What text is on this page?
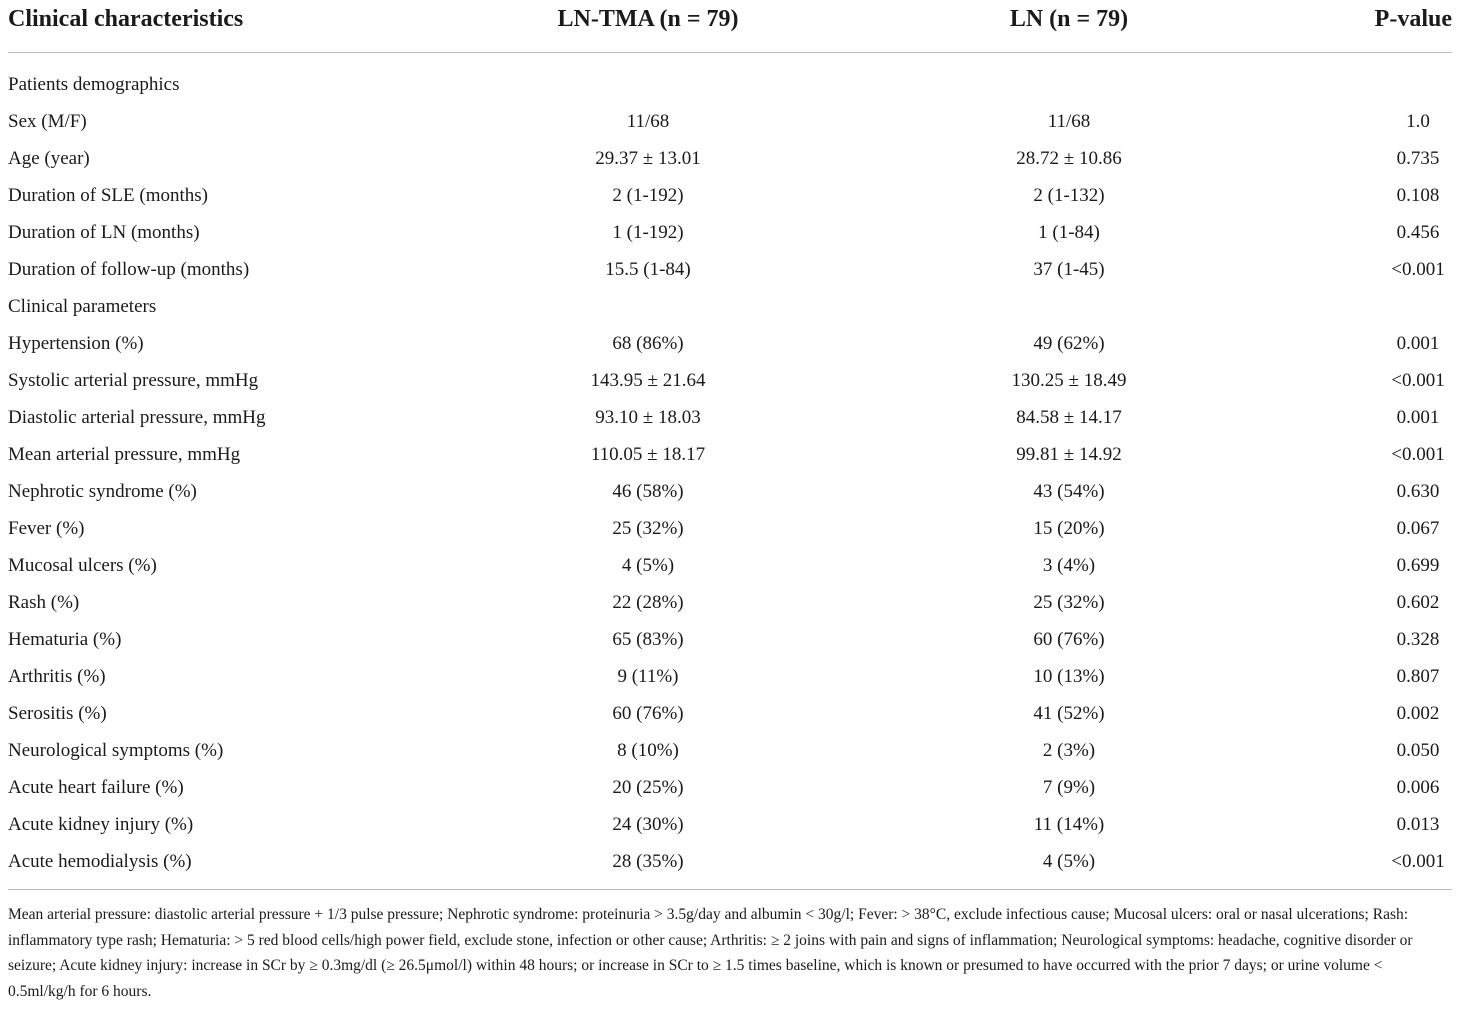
Clinical characteristics	LN-TMA (n = 79)	LN (n = 79)	P-value
Patients demographics
Sex (M/F)	11/68	11/68	1.0
Age (year)	29.37 ± 13.01	28.72 ± 10.86	0.735
Duration of SLE (months)	2 (1-192)	2 (1-132)	0.108
Duration of LN (months)	1 (1-192)	1 (1-84)	0.456
Duration of follow-up (months)	15.5 (1-84)	37 (1-45)	<0.001
Clinical parameters
Hypertension (%)	68 (86%)	49 (62%)	0.001
Systolic arterial pressure, mmHg	143.95 ± 21.64	130.25 ± 18.49	<0.001
Diastolic arterial pressure, mmHg	93.10 ± 18.03	84.58 ± 14.17	0.001
Mean arterial pressure, mmHg	110.05 ± 18.17	99.81 ± 14.92	<0.001
Nephrotic syndrome (%)	46 (58%)	43 (54%)	0.630
Fever (%)	25 (32%)	15 (20%)	0.067
Mucosal ulcers (%)	4 (5%)	3 (4%)	0.699
Rash (%)	22 (28%)	25 (32%)	0.602
Hematuria (%)	65 (83%)	60 (76%)	0.328
Arthritis (%)	9 (11%)	10 (13%)	0.807
Serositis (%)	60 (76%)	41 (52%)	0.002
Neurological symptoms (%)	8 (10%)	2 (3%)	0.050
Acute heart failure (%)	20 (25%)	7 (9%)	0.006
Acute kidney injury (%)	24 (30%)	11 (14%)	0.013
Acute hemodialysis (%)	28 (35%)	4 (5%)	<0.001
Mean arterial pressure: diastolic arterial pressure + 1/3 pulse pressure; Nephrotic syndrome: proteinuria > 3.5g/day and albumin < 30g/l; Fever: > 38°C, exclude infectious cause; Mucosal ulcers: oral or nasal ulcerations; Rash: inflammatory type rash; Hematuria: > 5 red blood cells/high power field, exclude stone, infection or other cause; Arthritis: ≥ 2 joins with pain and signs of inflammation; Neurological symptoms: headache, cognitive disorder or seizure; Acute kidney injury: increase in SCr by ≥ 0.3mg/dl (≥ 26.5μmol/l) within 48 hours; or increase in SCr to ≥ 1.5 times baseline, which is known or presumed to have occurred with the prior 7 days; or urine volume < 0.5ml/kg/h for 6 hours.
